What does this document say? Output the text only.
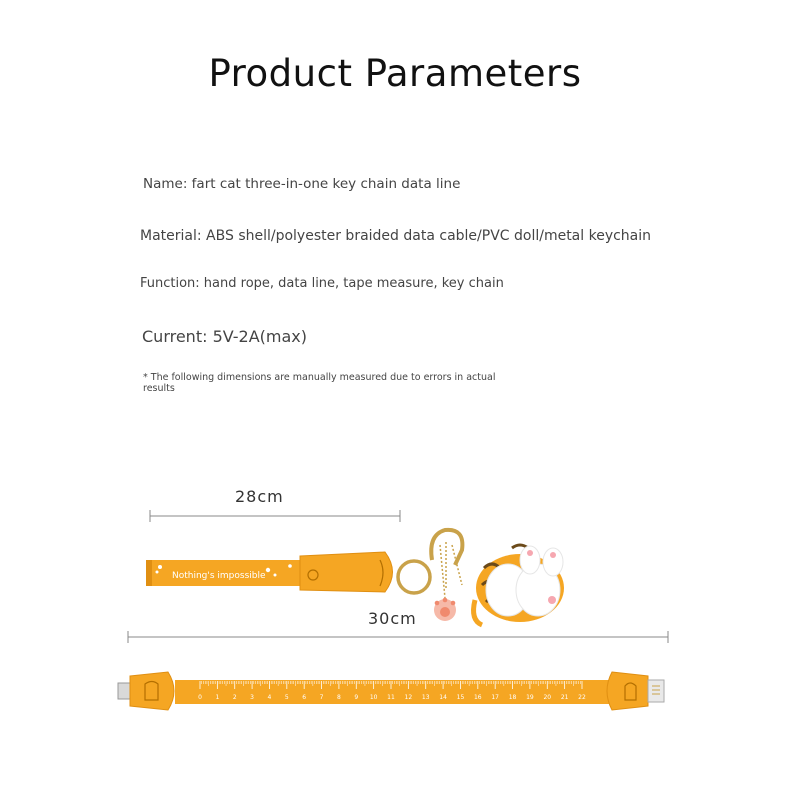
Product Parameters
Name: fart cat three-in-one key chain data line
Material: ABS shell/polyester braided data cable/PVC doll/metal keychain
Function: hand rope, data line, tape measure, key chain
Current: 5V-2A(max)
* The following dimensions are manually measured due to errors in actual results
Nothing's impossible
0 1 2 3 4 5 6 7 8 9 10 11 12 13 14 15 16 17 18 19 20 21 22
28cm
30cm
